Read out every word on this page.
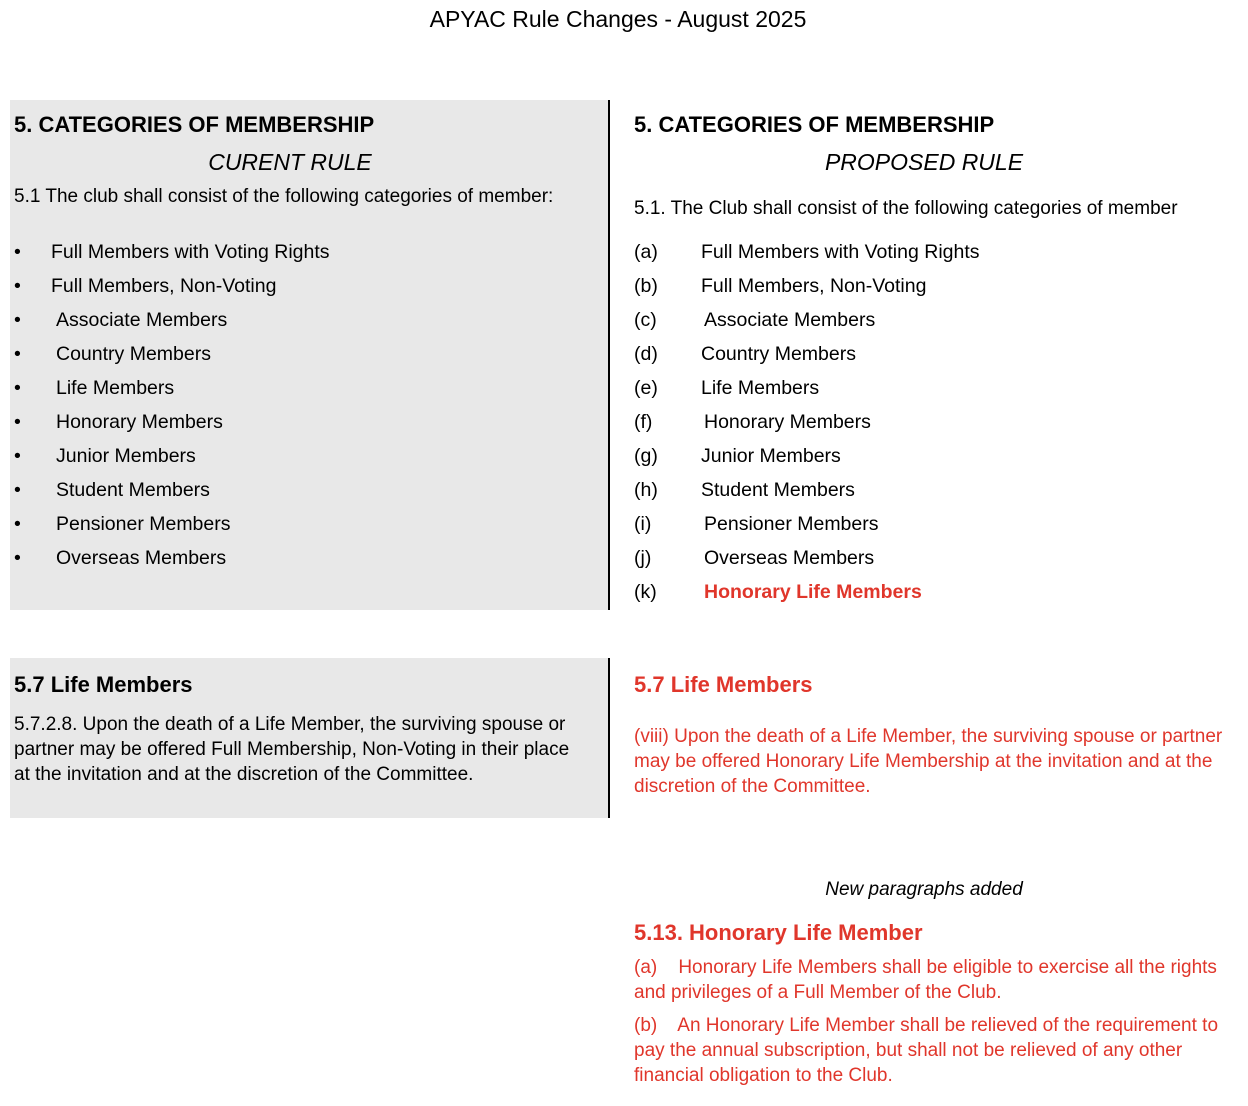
APYAC Rule Changes - August 2025
5. CATEGORIES OF MEMBERSHIP
CURENT RULE
5.1 The club shall consist of the following categories of member:
• Full Members with Voting Rights
• Full Members, Non-Voting
• Associate Members
• Country Members
• Life Members
• Honorary Members
• Junior Members
• Student Members
• Pensioner Members
• Overseas Members
5.7 Life Members
5.7.2.8. Upon the death of a Life Member, the surviving spouse or partner may be offered Full Membership, Non-Voting in their place at the invitation and at the discretion of the Committee.
5. CATEGORIES OF MEMBERSHIP
PROPOSED RULE
5.1. The Club shall consist of the following categories of member
(a) Full Members with Voting Rights
(b) Full Members, Non-Voting
(c) Associate Members
(d) Country Members
(e) Life Members
(f)	Honorary Members
(g) Junior Members
(h) Student Members
(i)	Pensioner Members
(j)	Overseas Members
(k) Honorary Life Members
5.7 Life Members
(viii) Upon the death of a Life Member, the surviving spouse or partner may be offered Honorary Life Membership at the invitation and at the discretion of the Committee.
New paragraphs added
5.13. Honorary Life Member
(a)    Honorary Life Members shall be eligible to exercise all the rights and privileges of a Full Member of the Club.
(b)    An Honorary Life Member shall be relieved of the requirement to pay the annual subscription, but shall not be relieved of any other financial obligation to the Club.
